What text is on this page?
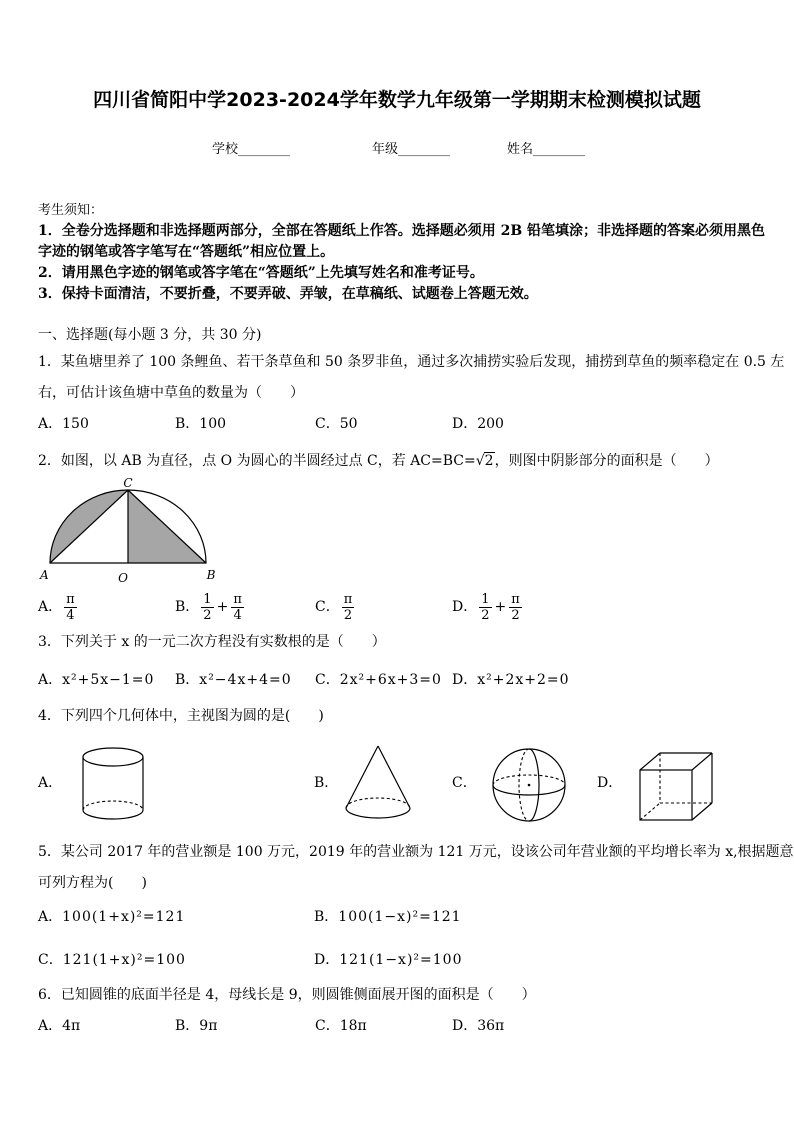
四川省简阳中学2023-2024学年数学九年级第一学期期末检测模拟试题
学校________	年级________	姓名________
考生须知：
1．全卷分选择题和非选择题两部分，全部在答题纸上作答。选择题必须用 2B 铅笔填涂；非选择题的答案必须用黑色
字迹的钢笔或答字笔写在“答题纸”相应位置上。
2．请用黑色字迹的钢笔或答字笔在“答题纸”上先填写姓名和准考证号。
3．保持卡面清洁，不要折叠，不要弄破、弄皱，在草稿纸、试题卷上答题无效。
一、选择题(每小题 3 分，共 30 分)
1．某鱼塘里养了 100 条鲤鱼、若干条草鱼和 50 条罗非鱼，通过多次捕捞实验后发现，捕捞到草鱼的频率稳定在 0.5 左
右，可估计该鱼塘中草鱼的数量为（　　）
A．150	B．100	C．50	D．200
2．如图，以 AB 为直径，点 O 为圆心的半圆经过点 C，若 AC=BC=√2，则图中阴影部分的面积是（　　）
C
A	O	B
A． $\frac{\pi}{4}$	B． $\frac{1}{2} + \frac{\pi}{4}$	C． $\frac{\pi}{2}$	D． $\frac{1}{2} + \frac{\pi}{2}$
3．下列关于 x 的一元二次方程没有实数根的是（　　）
A．x²+5x−1=0 B．x²−4x+4=0 C．2x²+6x+3=0 D．x²+2x+2=0
4．下列四个几何体中，主视图为圆的是(　　)
A．	B．	C．	D．
5．某公司 2017 年的营业额是 100 万元，2019 年的营业额为 121 万元，设该公司年营业额的平均增长率为 x,根据题意
可列方程为(　　)
A．100(1+x)²=121	B．100(1−x)²=121
C．121(1+x)²=100	D．121(1−x)²=100
6．已知圆锥的底面半径是 4，母线长是 9，则圆锥侧面展开图的面积是（　　）
A．4π	B．9π	C．18π	D．36π
